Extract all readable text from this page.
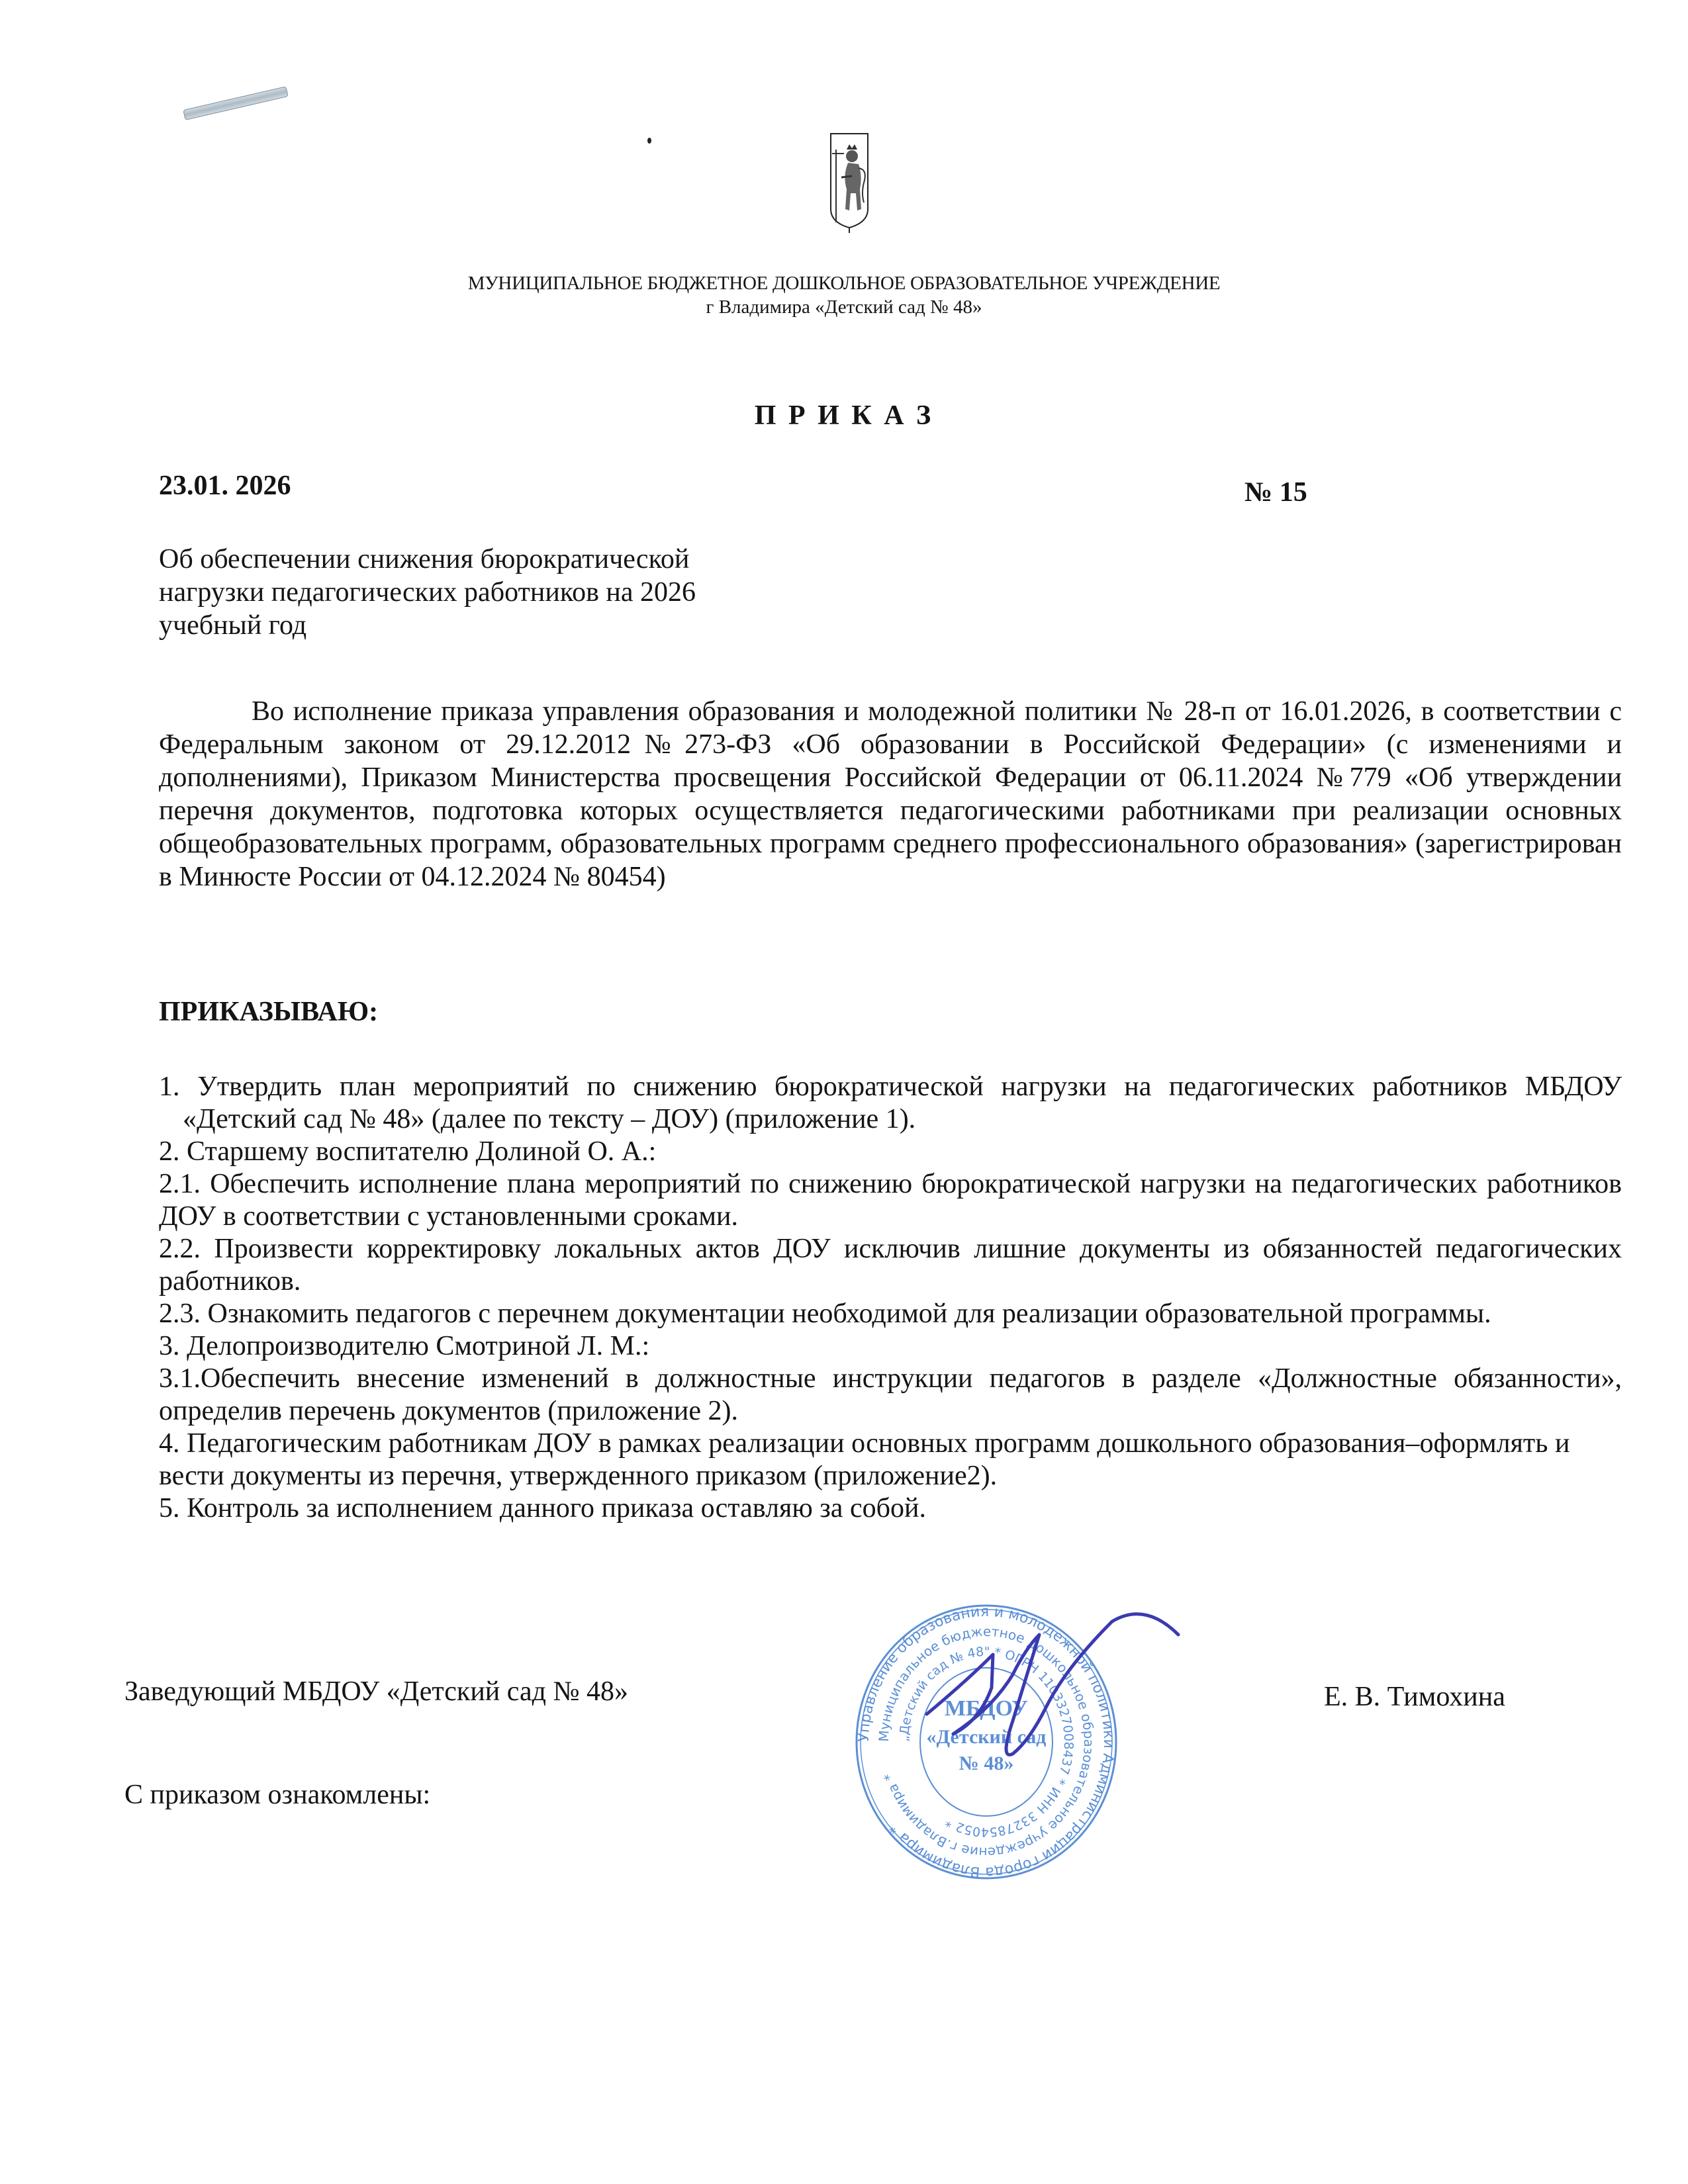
МУНИЦИПАЛЬНОЕ БЮДЖЕТНОЕ ДОШКОЛЬНОЕ ОБРАЗОВАТЕЛЬНОЕ УЧРЕЖДЕНИЕ
г Владимира «Детский сад № 48»
П Р И К А З
23.01. 2026	№ 15
Об обеспечении снижения бюрократической
нагрузки педагогических работников на 2026
учебный год
Во исполнение приказа управления образования и молодежной политики № 28-п от 16.01.2026, в соответствии с Федеральным законом от 29.12.2012№273-ФЗ «Об образовании в Российской Федерации» (с изменениями и дополнениями), Приказом Министерства просвещения Российской Федерации от 06.11.2024 №779 «Об утверждении перечня документов, подготовка которых осуществляется педагогическими работниками при реализации основных общеобразовательных программ, образовательных программ среднего профессионального образования» (зарегистрирован в Минюсте России от 04.12.2024 № 80454)
ПРИКАЗЫВАЮ:
1. Утвердить план мероприятий по снижению бюрократической нагрузки на педагогических работников МБДОУ «Детский сад № 48» (далее по тексту – ДОУ) (приложение 1).
2. Старшему воспитателю Долиной О. А.:
2.1. Обеспечить исполнение плана мероприятий по снижению бюрократической нагрузки на педагогических работников ДОУ в соответствии с установленными сроками.
2.2. Произвести корректировку локальных актов ДОУ исключив лишние документы из обязанностей педагогических работников.
2.3. Ознакомить педагогов с перечнем документации необходимой для реализации образовательной программы.
3. Делопроизводителю Смотриной Л. М.:
3.1.Обеспечить внесение изменений в должностные инструкции педагогов в разделе «Должностные обязанности», определив перечень документов (приложение 2).
4. Педагогическим работникам ДОУ в рамках реализации основных программ дошкольного образования–оформлять и вести документы из перечня, утвержденного приказом (приложение2).
5. Контроль за исполнением данного приказа оставляю за собой.
Заведующий МБДОУ «Детский сад № 48»	Е. В. Тимохина
С приказом ознакомлены:
Управление образования и молодежной политики Администрации города Владимира *
Муниципальное бюджетное дошкольное образовательное учреждение г.Владимира *
„Детский сад № 48" * ОГРН 1103327008437 * ИНН 3327854052 *
МБДОУ
«Детский сад
№ 48»
